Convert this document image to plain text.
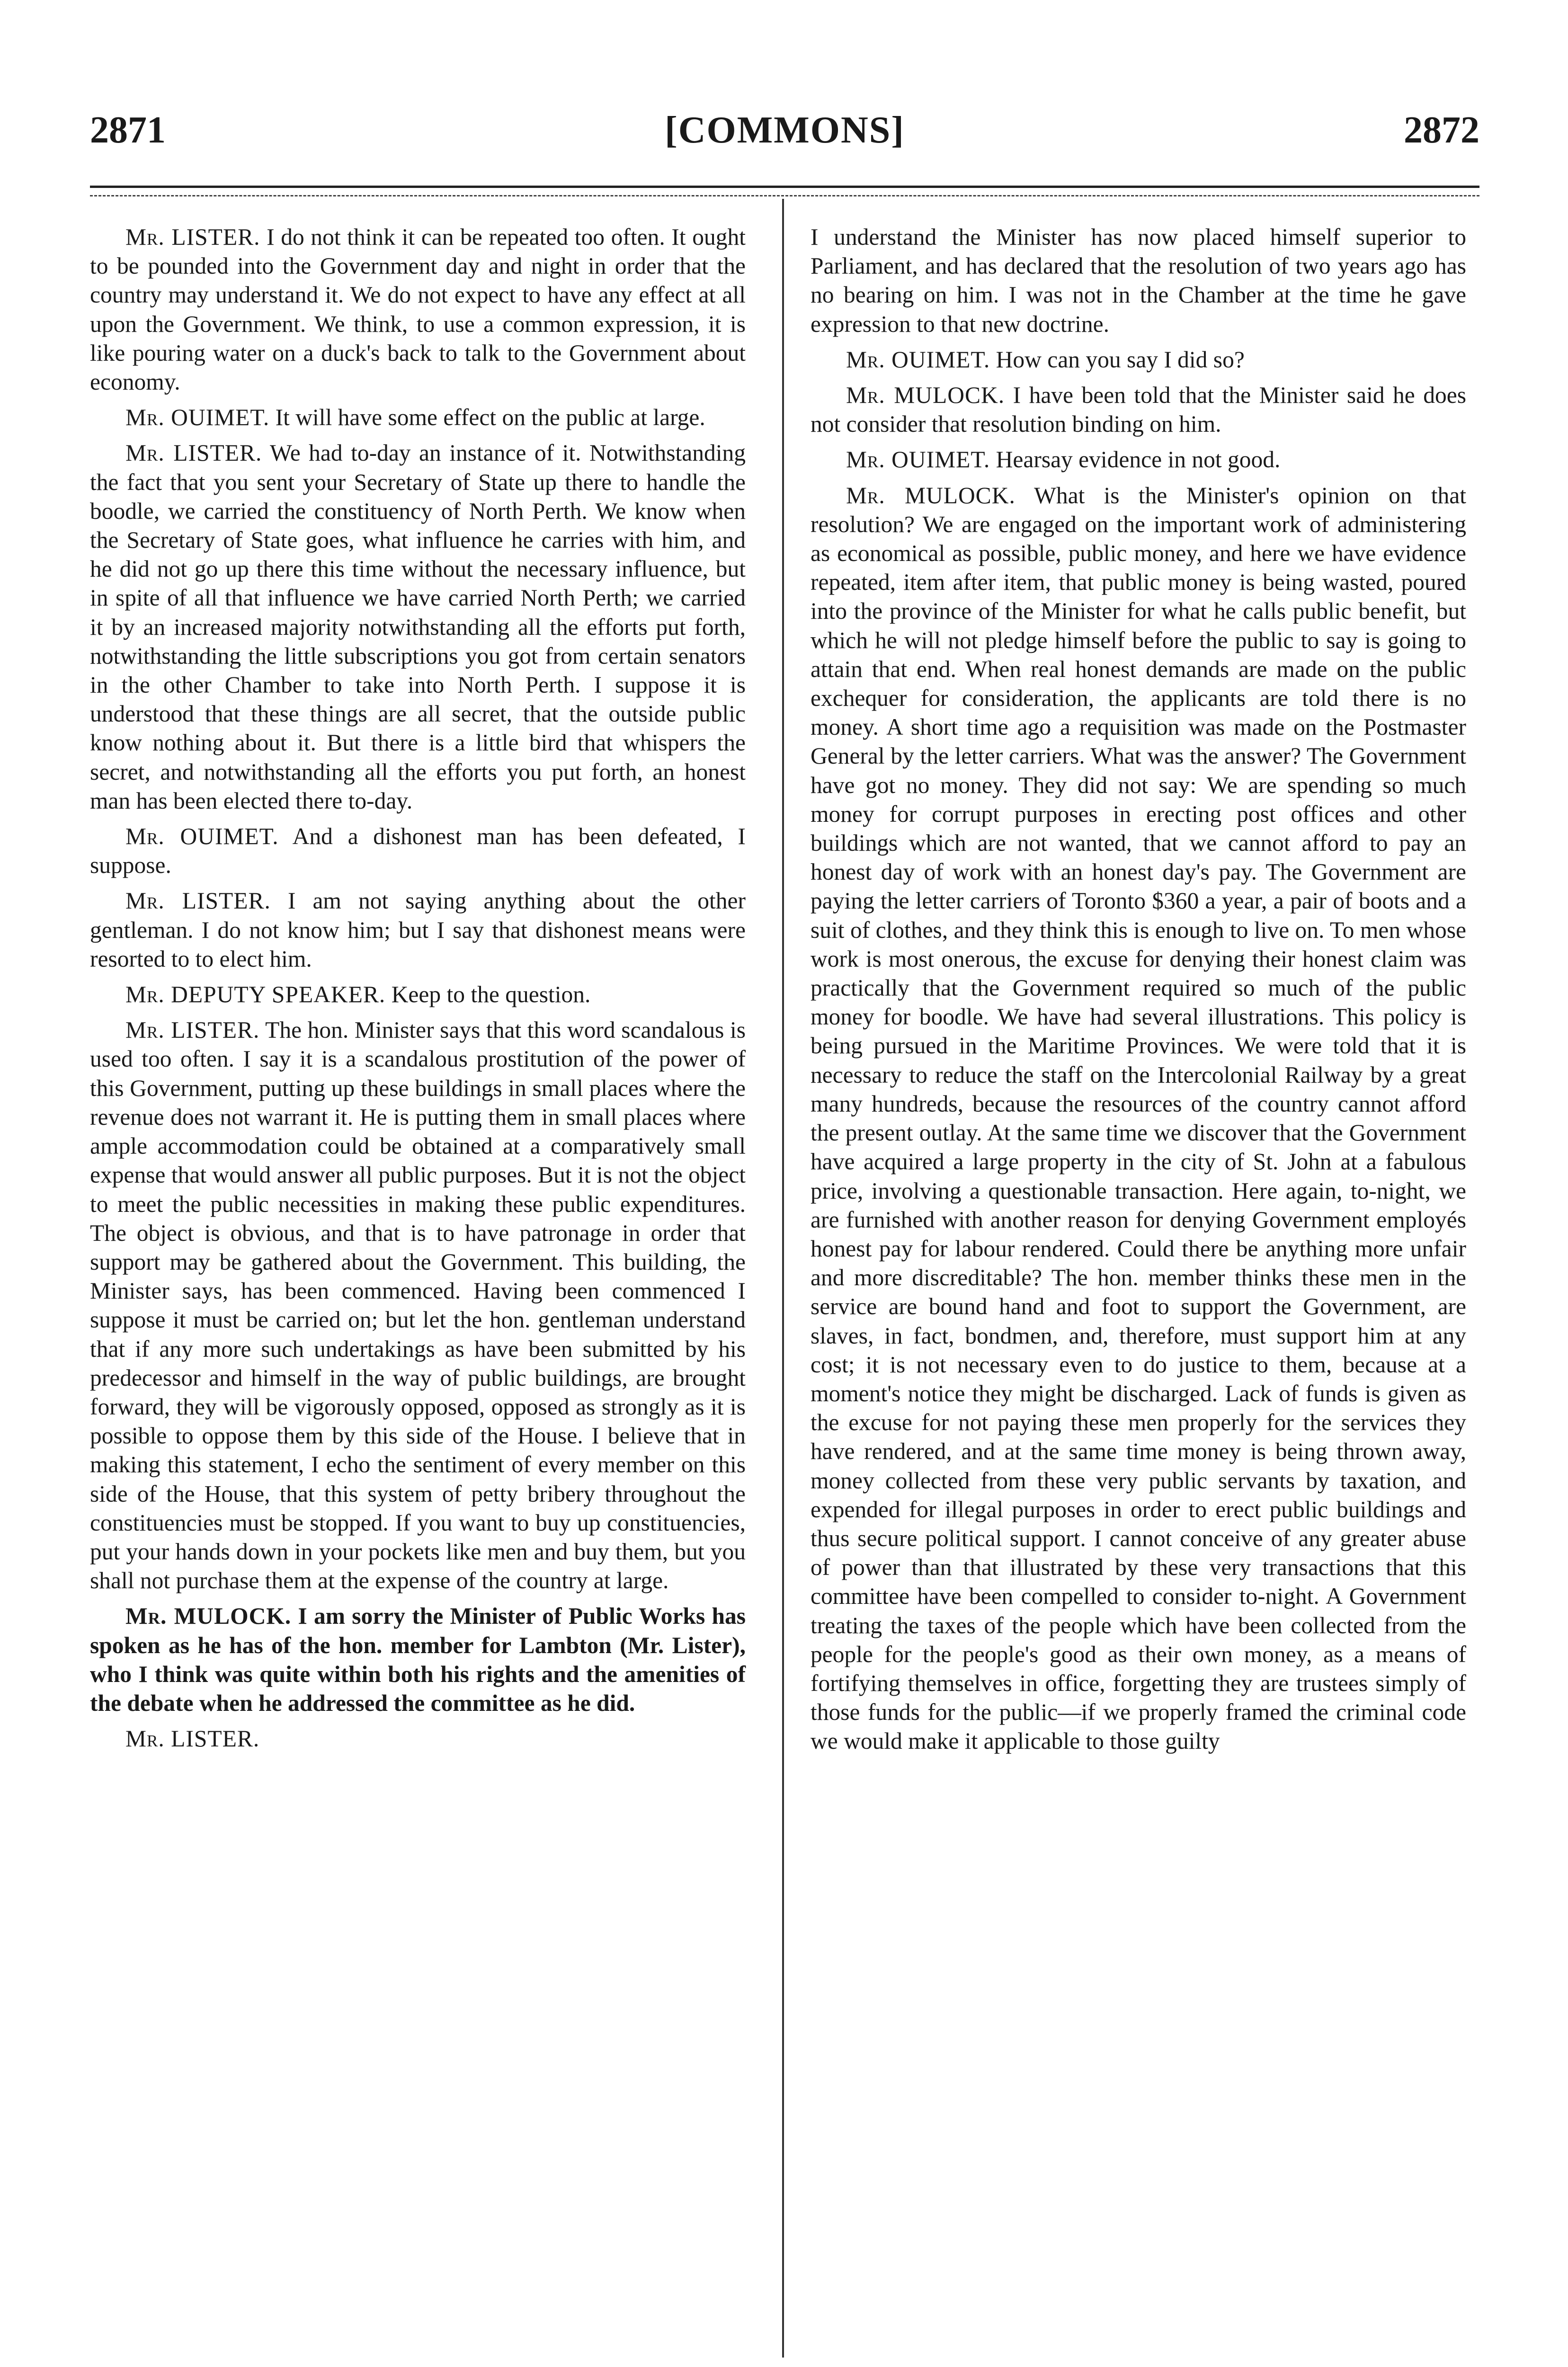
2871	[COMMONS]	2872

Mr. LISTER. I do not think it can be repeated too often. It ought to be pounded into the Government day and night in order that the country may understand it. We do not expect to have any effect at all upon the Government. We think, to use a common expression, it is like pouring water on a duck's back to talk to the Government about economy.

Mr. OUIMET. It will have some effect on the public at large.

Mr. LISTER. We had to-day an instance of it. Notwithstanding the fact that you sent your Secretary of State up there to handle the boodle, we carried the constituency of North Perth. We know when the Secretary of State goes, what influence he carries with him, and he did not go up there this time without the necessary influence, but in spite of all that influence we have carried North Perth; we carried it by an increased majority notwithstanding all the efforts put forth, notwithstanding the little subscriptions you got from certain senators in the other Chamber to take into North Perth. I suppose it is understood that these things are all secret, that the outside public know nothing about it. But there is a little bird that whispers the secret, and notwithstanding all the efforts you put forth, an honest man has been elected there to-day.

Mr. OUIMET. And a dishonest man has been defeated, I suppose.

Mr. LISTER. I am not saying anything about the other gentleman. I do not know him; but I say that dishonest means were resorted to to elect him.

Mr. DEPUTY SPEAKER. Keep to the question.

Mr. LISTER. The hon. Minister says that this word scandalous is used too often. I say it is a scandalous prostitution of the power of this Government, putting up these buildings in small places where the revenue does not warrant it. He is putting them in small places where ample accommodation could be obtained at a comparatively small expense that would answer all public purposes. But it is not the object to meet the public necessities in making these public expenditures. The object is obvious, and that is to have patronage in order that support may be gathered about the Government. This building, the Minister says, has been commenced. Having been commenced I suppose it must be carried on; but let the hon. gentleman understand that if any more such undertakings as have been submitted by his predecessor and himself in the way of public buildings, are brought forward, they will be vigorously opposed, opposed as strongly as it is possible to oppose them by this side of the House. I believe that in making this statement, I echo the sentiment of every member on this side of the House, that this system of petty bribery throughout the constituencies must be stopped. If you want to buy up constituencies, put your hands down in your pockets like men and buy them, but you shall not purchase them at the expense of the country at large.

Mr. MULOCK. I am sorry the Minister of Public Works has spoken as he has of the hon. member for Lambton (Mr. Lister), who I think was quite within both his rights and the amenities of the debate when he addressed the committee as he did.

Mr. LISTER.

I understand the Minister has now placed himself superior to Parliament, and has declared that the resolution of two years ago has no bearing on him. I was not in the Chamber at the time he gave expression to that new doctrine.

Mr. OUIMET. How can you say I did so?

Mr. MULOCK. I have been told that the Minister said he does not consider that resolution binding on him.

Mr. OUIMET. Hearsay evidence in not good.

Mr. MULOCK. What is the Minister's opinion on that resolution? We are engaged on the important work of administering as economical as possible, public money, and here we have evidence repeated, item after item, that public money is being wasted, poured into the province of the Minister for what he calls public benefit, but which he will not pledge himself before the public to say is going to attain that end. When real honest demands are made on the public exchequer for consideration, the applicants are told there is no money. A short time ago a requisition was made on the Postmaster General by the letter carriers. What was the answer? The Government have got no money. They did not say: We are spending so much money for corrupt purposes in erecting post offices and other buildings which are not wanted, that we cannot afford to pay an honest day of work with an honest day's pay. The Government are paying the letter carriers of Toronto $360 a year, a pair of boots and a suit of clothes, and they think this is enough to live on. To men whose work is most onerous, the excuse for denying their honest claim was practically that the Government required so much of the public money for boodle. We have had several illustrations. This policy is being pursued in the Maritime Provinces. We were told that it is necessary to reduce the staff on the Intercolonial Railway by a great many hundreds, because the resources of the country cannot afford the present outlay. At the same time we discover that the Government have acquired a large property in the city of St. John at a fabulous price, involving a questionable transaction. Here again, to-night, we are furnished with another reason for denying Government employés honest pay for labour rendered. Could there be anything more unfair and more discreditable? The hon. member thinks these men in the service are bound hand and foot to support the Government, are slaves, in fact, bondmen, and, therefore, must support him at any cost; it is not necessary even to do justice to them, because at a moment's notice they might be discharged. Lack of funds is given as the excuse for not paying these men properly for the services they have rendered, and at the same time money is being thrown away, money collected from these very public servants by taxation, and expended for illegal purposes in order to erect public buildings and thus secure political support. I cannot conceive of any greater abuse of power than that illustrated by these very transactions that this committee have been compelled to consider to-night. A Government treating the taxes of the people which have been collected from the people for the people's good as their own money, as a means of fortifying themselves in office, forgetting they are trustees simply of those funds for the public—if we properly framed the criminal code we would make it applicable to those guilty
